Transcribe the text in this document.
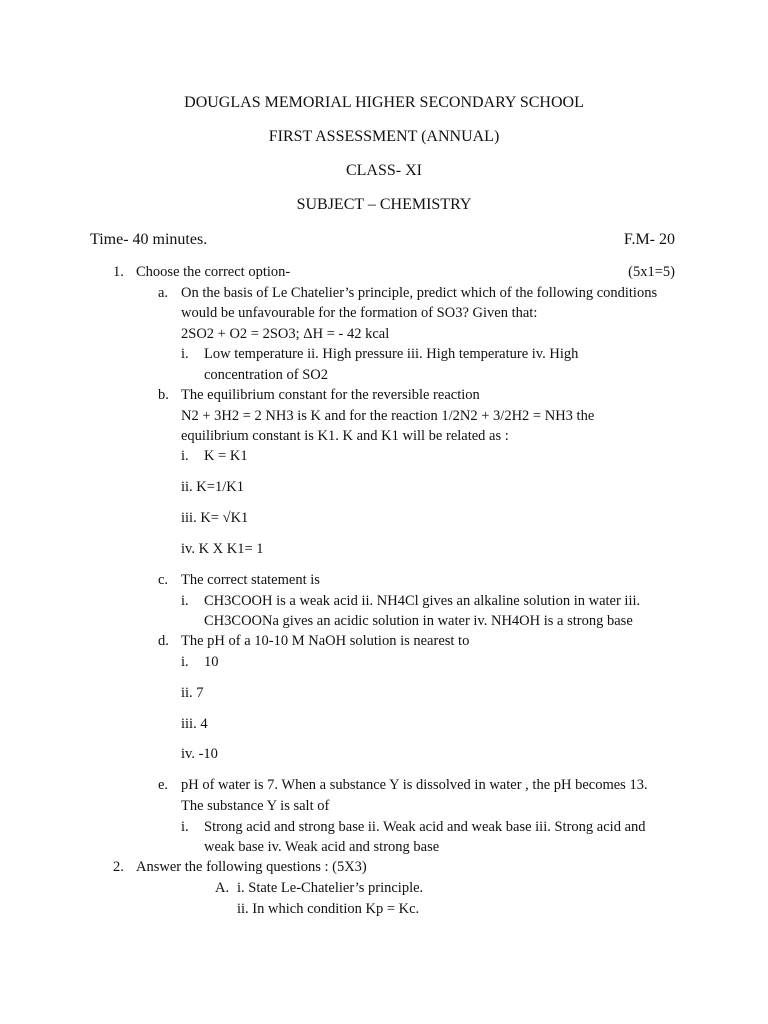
DOUGLAS MEMORIAL HIGHER SECONDARY SCHOOL
FIRST ASSESSMENT (ANNUAL)
CLASS- XI
SUBJECT – CHEMISTRY
Time- 40 minutes.	F.M- 20
1. Choose the correct option-	(5x1=5)
a. On the basis of Le Chatelier’s principle, predict which of the following conditions
would be unfavourable for the formation of SO3? Given that:
2SO2 + O2 = 2SO3; ΔH = - 42 kcal
i. Low temperature ii. High pressure iii. High temperature iv. High
concentration of SO2
b. The equilibrium constant for the reversible reaction
N2 + 3H2 = 2 NH3 is K and for the reaction 1/2N2 + 3/2H2 = NH3 the
equilibrium constant is K1. K and K1 will be related as :
i. K = K1
ii. K=1/K1
iii. K= √K1
iv. K X K1= 1
c. The correct statement is
i. CH3COOH is a weak acid ii. NH4Cl gives an alkaline solution in water iii.
CH3COONa gives an acidic solution in water iv. NH4OH is a strong base
d. The pH of a 10-10 M NaOH solution is nearest to
i. 10
ii. 7
iii. 4
iv. -10
e. pH of water is 7. When a substance Y is dissolved in water , the pH becomes 13.
The substance Y is salt of
i. Strong acid and strong base ii. Weak acid and weak base iii. Strong acid and
weak base iv. Weak acid and strong base
2. Answer the following questions : (5X3)
A. i. State Le-Chatelier’s principle.
ii. In which condition Kp = Kc.
